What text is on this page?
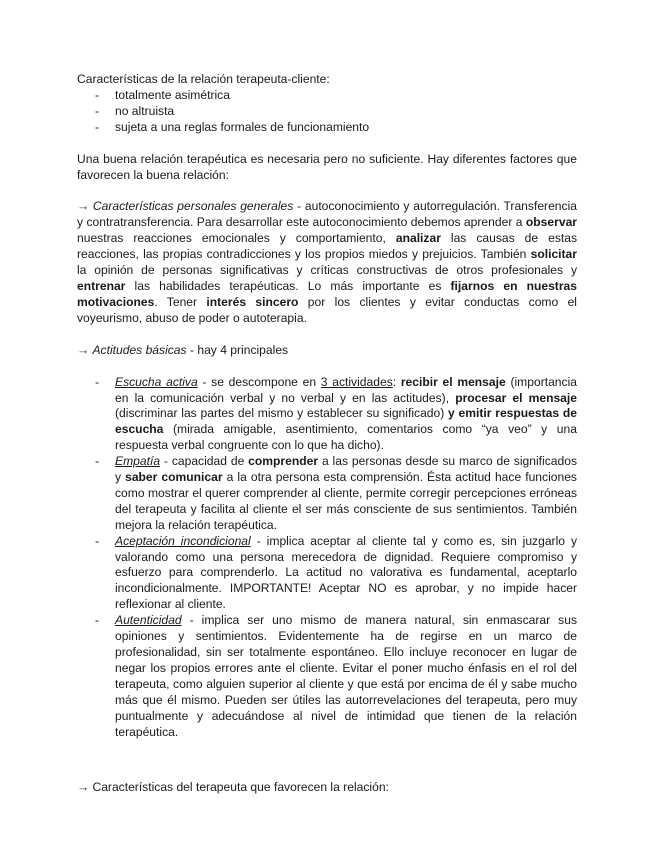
Características de la relación terapeuta-cliente:

- totalmente asimétrica
- no altruista
- sujeta a una reglas formales de funcionamiento

Una buena relación terapéutica es necesaria pero no suficiente. Hay diferentes factores que favorecen la buena relación:

→ Características personales generales - autoconocimiento y autorregulación. Transferencia y contratransferencia. Para desarrollar este autoconocimiento debemos aprender a observar nuestras reacciones emocionales y comportamiento, analizar las causas de estas reacciones, las propias contradicciones y los propios miedos y prejuicios. También solicitar la opinión de personas significativas y críticas constructivas de otros profesionales y entrenar las habilidades terapéuticas. Lo más importante es fijarnos en nuestras motivaciones. Tener interés sincero por los clientes y evitar conductas como el voyeurismo, abuso de poder o autoterapia.

→ Actitudes básicas - hay 4 principales

- Escucha activa - se descompone en 3 actividades: recibir el mensaje (importancia en la comunicación verbal y no verbal y en las actitudes), procesar el mensaje (discriminar las partes del mismo y establecer su significado) y emitir respuestas de escucha (mirada amigable, asentimiento, comentarios como “ya veo” y una respuesta verbal congruente con lo que ha dicho).
- Empatía - capacidad de comprender a las personas desde su marco de significados y saber comunicar a la otra persona esta comprensión. Ésta actitud hace funciones como mostrar el querer comprender al cliente, permite corregir percepciones erróneas del terapeuta y facilita al cliente el ser más consciente de sus sentimientos. También mejora la relación terapéutica.
- Aceptación incondicional - implica aceptar al cliente tal y como es, sin juzgarlo y valorando como una persona merecedora de dignidad. Requiere compromiso y esfuerzo para comprenderlo. La actitud no valorativa es fundamental, aceptarlo incondicionalmente. IMPORTANTE! Aceptar NO es aprobar, y no impide hacer reflexionar al cliente.
- Autenticidad - implica ser uno mismo de manera natural, sin enmascarar sus opiniones y sentimientos. Evidentemente ha de regirse en un marco de profesionalidad, sin ser totalmente espontáneo. Ello incluye reconocer en lugar de negar los propios errores ante el cliente. Evitar el poner mucho énfasis en el rol del terapeuta, como alguien superior al cliente y que está por encima de él y sabe mucho más que él mismo. Pueden ser útiles las autorrevelaciones del terapeuta, pero muy puntualmente y adecuándose al nivel de intimidad que tienen de la relación terapéutica.

→ Características del terapeuta que favorecen la relación:
